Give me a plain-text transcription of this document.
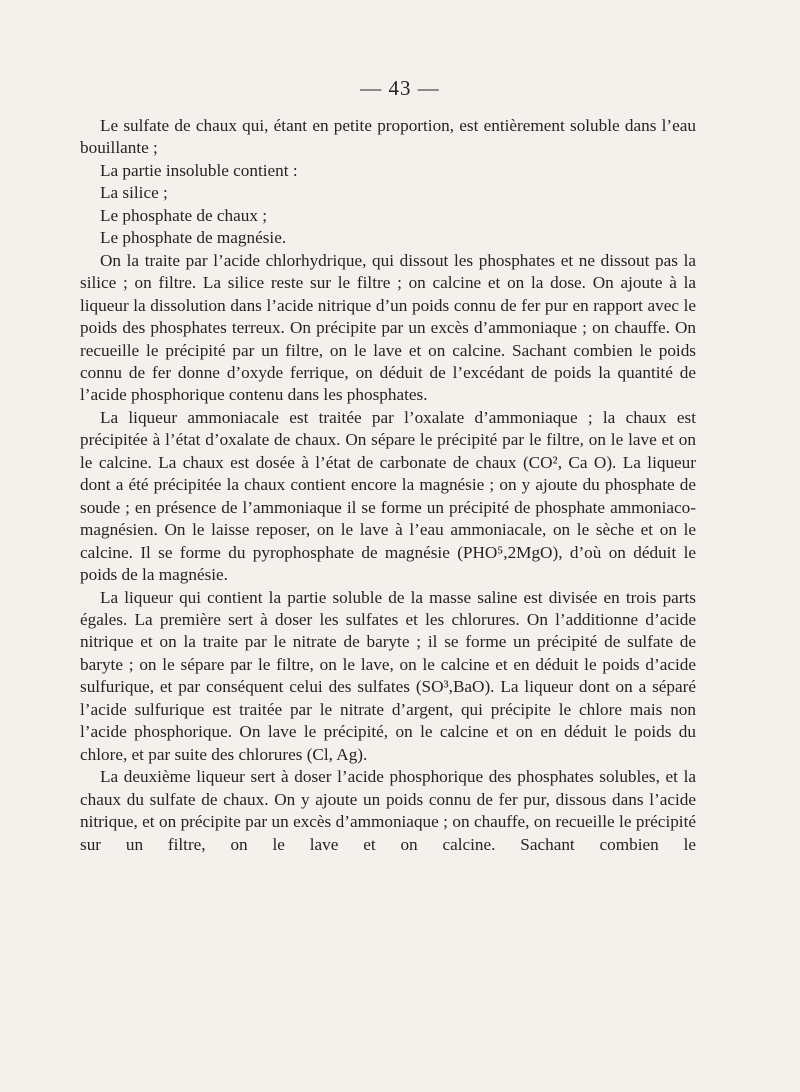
— 43 —

Le sulfate de chaux qui, étant en petite proportion, est entièrement soluble dans l’eau bouillante ;

La partie insoluble contient :

La silice ;

Le phosphate de chaux ;

Le phosphate de magnésie.

On la traite par l’acide chlorhydrique, qui dissout les phosphates et ne dissout pas la silice ; on filtre. La silice reste sur le filtre ; on calcine et on la dose. On ajoute à la liqueur la dissolution dans l’acide nitrique d’un poids connu de fer pur en rapport avec le poids des phosphates terreux. On précipite par un excès d’ammoniaque ; on chauffe. On recueille le précipité par un filtre, on le lave et on calcine. Sachant combien le poids connu de fer donne d’oxyde ferrique, on déduit de l’excédant de poids la quantité de l’acide phosphorique contenu dans les phosphates.

La liqueur ammoniacale est traitée par l’oxalate d’ammoniaque ; la chaux est précipitée à l’état d’oxalate de chaux. On sépare le précipité par le filtre, on le lave et on le calcine. La chaux est dosée à l’état de carbonate de chaux (CO², Ca O). La liqueur dont a été précipitée la chaux contient encore la magnésie ; on y ajoute du phosphate de soude ; en présence de l’ammoniaque il se forme un précipité de phosphate ammoniaco-magnésien. On le laisse reposer, on le lave à l’eau ammoniacale, on le sèche et on le calcine. Il se forme du pyrophosphate de magnésie (PHO⁵,2MgO), d’où on déduit le poids de la magnésie.

La liqueur qui contient la partie soluble de la masse saline est divisée en trois parts égales. La première sert à doser les sulfates et les chlorures. On l’additionne d’acide nitrique et on la traite par le nitrate de baryte ; il se forme un précipité de sulfate de baryte ; on le sépare par le filtre, on le lave, on le calcine et en déduit le poids d’acide sulfurique, et par conséquent celui des sulfates (SO³,BaO). La liqueur dont on a séparé l’acide sulfurique est traitée par le nitrate d’argent, qui précipite le chlore mais non l’acide phosphorique. On lave le précipité, on le calcine et on en déduit le poids du chlore, et par suite des chlorures (Cl, Ag).

La deuxième liqueur sert à doser l’acide phosphorique des phosphates solubles, et la chaux du sulfate de chaux. On y ajoute un poids connu de fer pur, dissous dans l’acide nitrique, et on précipite par un excès d’ammoniaque ; on chauffe, on recueille le précipité sur un filtre, on le lave et on calcine. Sachant combien le
